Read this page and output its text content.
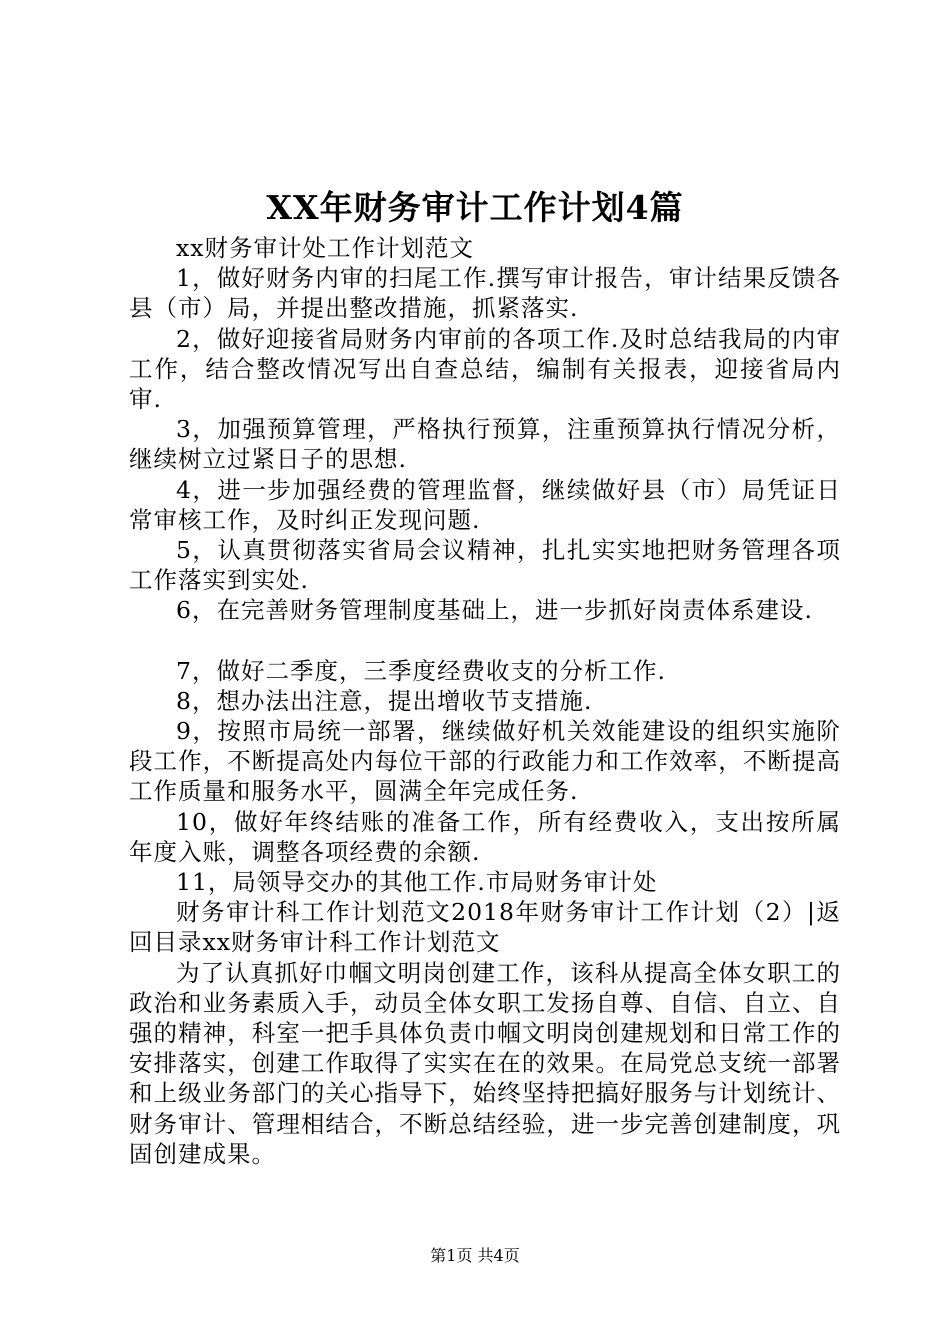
XX年财务审计工作计划4篇

xx财务审计处工作计划范文

1，做好财务内审的扫尾工作.撰写审计报告，审计结果反馈各县（市）局，并提出整改措施，抓紧落实.

2，做好迎接省局财务内审前的各项工作.及时总结我局的内审工作，结合整改情况写出自查总结，编制有关报表，迎接省局内审.

3，加强预算管理，严格执行预算，注重预算执行情况分析，继续树立过紧日子的思想.

4，进一步加强经费的管理监督，继续做好县（市）局凭证日常审核工作，及时纠正发现问题.

5，认真贯彻落实省局会议精神，扎扎实实地把财务管理各项工作落实到实处.

6，在完善财务管理制度基础上，进一步抓好岗责体系建设.

7，做好二季度，三季度经费收支的分析工作.

8，想办法出注意，提出增收节支措施.

9，按照市局统一部署，继续做好机关效能建设的组织实施阶段工作，不断提高处内每位干部的行政能力和工作效率，不断提高工作质量和服务水平，圆满全年完成任务.

10，做好年终结账的准备工作，所有经费收入，支出按所属年度入账，调整各项经费的余额.

11，局领导交办的其他工作.市局财务审计处

财务审计科工作计划范文2018年财务审计工作计划（2）|返回目录xx财务审计科工作计划范文

为了认真抓好巾帼文明岗创建工作，该科从提高全体女职工的政治和业务素质入手，动员全体女职工发扬自尊、自信、自立、自强的精神，科室一把手具体负责巾帼文明岗创建规划和日常工作的安排落实，创建工作取得了实实在在的效果。在局党总支统一部署和上级业务部门的关心指导下，始终坚持把搞好服务与计划统计、财务审计、管理相结合，不断总结经验，进一步完善创建制度，巩固创建成果。

第1页 共4页
